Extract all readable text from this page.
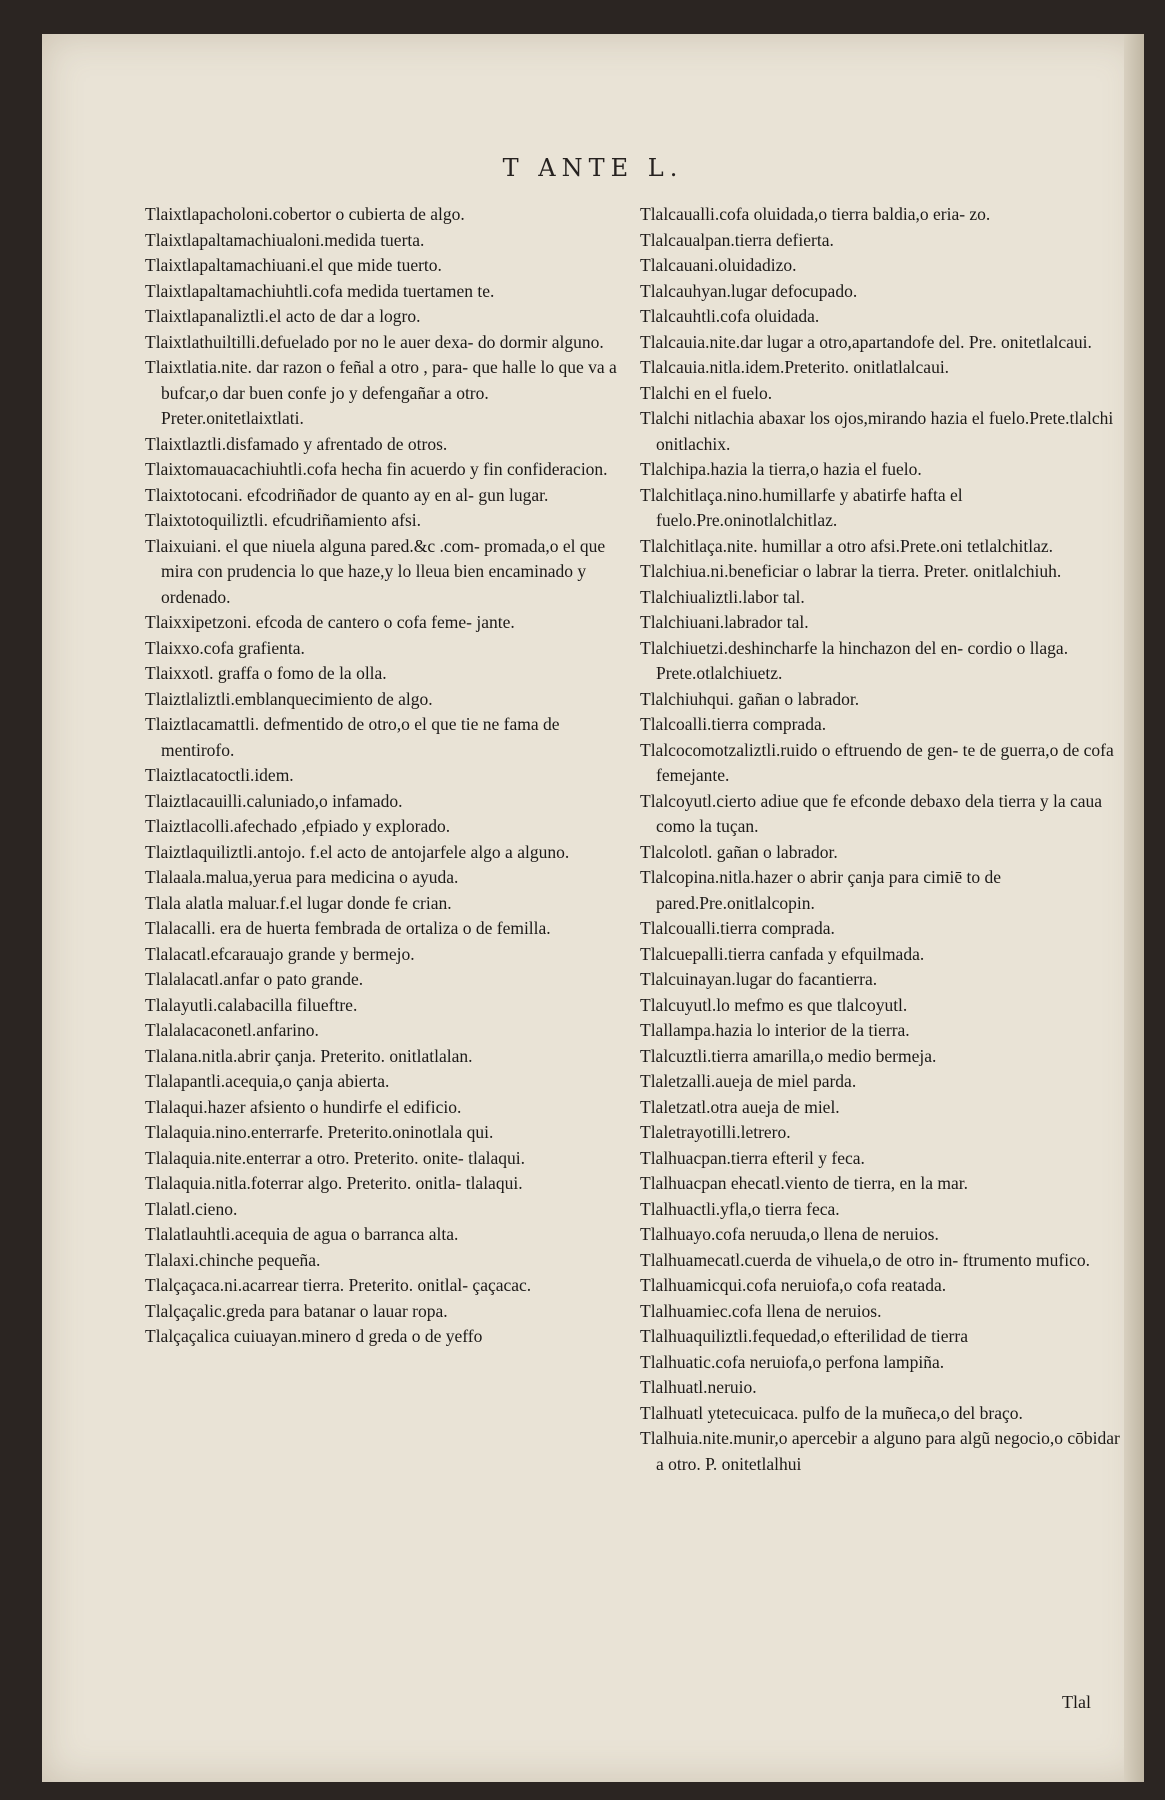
T ANTE L.

Tlaixtlapacholoni.cobertor o cubierta de algo.

Tlaixtlapaltamachiualoni.medida tuerta.

Tlaixtlapaltamachiuani.el que mide tuerto.

Tlaixtlapaltamachiuhtli.cofa medida tuertamen te.

Tlaixtlapanaliztli.el acto de dar a logro.

Tlaixtlathuiltilli.defuelado por no le auer dexa- do dormir alguno.

Tlaixtlatia.nite. dar razon o feñal a otro , para- que halle lo que va a bufcar,o dar buen confe jo y defengañar a otro. Preter.onitetlaixtlati.

Tlaixtlaztli.disfamado y afrentado de otros.

Tlaixtomauacachiuhtli.cofa hecha fin acuerdo y fin confideracion.

Tlaixtotocani. efcodriñador de quanto ay en al- gun lugar.

Tlaixtotoquiliztli. efcudriñamiento afsi.

Tlaixuiani. el que niuela alguna pared.&c .com- promada,o el que mira con prudencia lo que haze,y lo lleua bien encaminado y ordenado.

Tlaixxipetzoni. efcoda de cantero o cofa feme- jante.

Tlaixxo.cofa grafienta.

Tlaixxotl. graffa o fomo de la olla.

Tlaiztlaliztli.emblanquecimiento de algo.

Tlaiztlacamattli. defmentido de otro,o el que tie ne fama de mentirofo.

Tlaiztlacatoctli.idem.

Tlaiztlacauilli.caluniado,o infamado.

Tlaiztlacolli.afechado ,efpiado y explorado.

Tlaiztlaquiliztli.antojo. f.el acto de antojarfele algo a alguno.

Tlalaala.malua,yerua para medicina o ayuda.

Tlala alatla maluar.f.el lugar donde fe crian.

Tlalacalli. era de huerta fembrada de ortaliza o de femilla.

Tlalacatl.efcarauajo grande y bermejo.

Tlalalacatl.anfar o pato grande.

Tlalayutli.calabacilla filueftre.

Tlalalacaconetl.anfarino.

Tlalana.nitla.abrir çanja. Preterito. onitlatlalan.

Tlalapantli.acequia,o çanja abierta.

Tlalaqui.hazer afsiento o hundirfe el edificio.

Tlalaquia.nino.enterrarfe. Preterito.oninotlala qui.

Tlalaquia.nite.enterrar a otro. Preterito. onite- tlalaqui.

Tlalaquia.nitla.foterrar algo. Preterito. onitla- tlalaqui.

Tlalatl.cieno.

Tlalatlauhtli.acequia de agua o barranca alta.

Tlalaxi.chinche pequeña.

Tlalçaçaca.ni.acarrear tierra. Preterito. onitlal- çaçacac.

Tlalçaçalic.greda para batanar o lauar ropa.

Tlalçaçalica cuiuayan.minero d greda o de yeffo

Tlalcaualli.cofa oluidada,o tierra baldia,o eria- zo.

Tlalcaualpan.tierra defierta.

Tlalcauani.oluidadizo.

Tlalcauhyan.lugar defocupado.

Tlalcauhtli.cofa oluidada.

Tlalcauia.nite.dar lugar a otro,apartandofe del. Pre. onitetlalcaui.

Tlalcauia.nitla.idem.Preterito. onitlatlalcaui.

Tlalchi en el fuelo.

Tlalchi nitlachia abaxar los ojos,mirando hazia el fuelo.Prete.tlalchi onitlachix.

Tlalchipa.hazia la tierra,o hazia el fuelo.

Tlalchitlaça.nino.humillarfe y abatirfe hafta el fuelo.Pre.oninotlalchitlaz.

Tlalchitlaça.nite. humillar a otro afsi.Prete.oni tetlalchitlaz.

Tlalchiua.ni.beneficiar o labrar la tierra. Preter. onitlalchiuh.

Tlalchiualiztli.labor tal.

Tlalchiuani.labrador tal.

Tlalchiuetzi.deshincharfe la hinchazon del en- cordio o llaga. Prete.otlalchiuetz.

Tlalchiuhqui. gañan o labrador.

Tlalcoalli.tierra comprada.

Tlalcocomotzaliztli.ruido o eftruendo de gen- te de guerra,o de cofa femejante.

Tlalcoyutl.cierto adiue que fe efconde debaxo dela tierra y la caua como la tuçan.

Tlalcolotl. gañan o labrador.

Tlalcopina.nitla.hazer o abrir çanja para cimiē to de pared.Pre.onitlalcopin.

Tlalcoualli.tierra comprada.

Tlalcuepalli.tierra canfada y efquilmada.

Tlalcuinayan.lugar do facantierra.

Tlalcuyutl.lo mefmo es que tlalcoyutl.

Tlallampa.hazia lo interior de la tierra.

Tlalcuztli.tierra amarilla,o medio bermeja.

Tlaletzalli.aueja de miel parda.

Tlaletzatl.otra aueja de miel.

Tlaletrayotilli.letrero.

Tlalhuacpan.tierra efteril y feca.

Tlalhuacpan ehecatl.viento de tierra, en la mar.

Tlalhuactli.yfla,o tierra feca.

Tlalhuayo.cofa neruuda,o llena de neruios.

Tlalhuamecatl.cuerda de vihuela,o de otro in- ftrumento mufico.

Tlalhuamicqui.cofa neruiofa,o cofa reatada.

Tlalhuamiec.cofa llena de neruios.

Tlalhuaquiliztli.fequedad,o efterilidad de tierra

Tlalhuatic.cofa neruiofa,o perfona lampiña.

Tlalhuatl.neruio.

Tlalhuatl ytetecuicaca. pulfo de la muñeca,o del braço.

Tlalhuia.nite.munir,o apercebir a alguno para algũ negocio,o cōbidar a otro. P. onitetlalhui

Tlal
